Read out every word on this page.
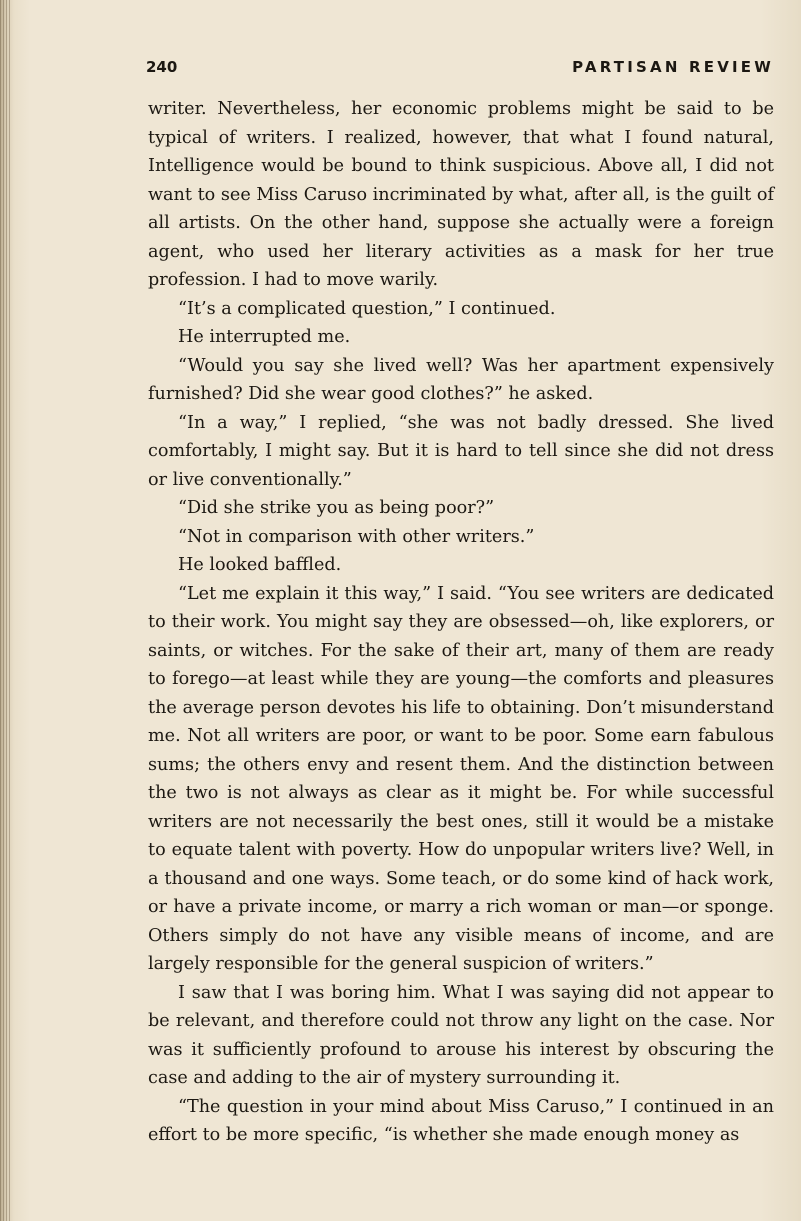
240	PARTISAN REVIEW

writer. Nevertheless, her economic problems might be said to be typical of writers. I realized, however, that what I found natural, Intelligence would be bound to think suspicious. Above all, I did not want to see Miss Caruso incriminated by what, after all, is the guilt of all artists. On the other hand, suppose she actually were a foreign agent, who used her literary activities as a mask for her true profession. I had to move warily.

“It’s a complicated question,” I continued.

He interrupted me.

“Would you say she lived well? Was her apartment expensively furnished? Did she wear good clothes?” he asked.

“In a way,” I replied, “she was not badly dressed. She lived comfortably, I might say. But it is hard to tell since she did not dress or live conventionally.”

“Did she strike you as being poor?”

“Not in comparison with other writers.”

He looked baffled.

“Let me explain it this way,” I said. “You see writers are dedicated to their work. You might say they are obsessed—oh, like explorers, or saints, or witches. For the sake of their art, many of them are ready to forego—at least while they are young—the comforts and pleasures the average person devotes his life to obtaining. Don’t misunderstand me. Not all writers are poor, or want to be poor. Some earn fabulous sums; the others envy and resent them. And the distinction between the two is not always as clear as it might be. For while successful writers are not necessarily the best ones, still it would be a mistake to equate talent with poverty. How do unpopular writers live? Well, in a thousand and one ways. Some teach, or do some kind of hack work, or have a private income, or marry a rich woman or man—or sponge. Others simply do not have any visible means of income, and are largely responsible for the general suspicion of writers.”

I saw that I was boring him. What I was saying did not appear to be relevant, and therefore could not throw any light on the case. Nor was it sufficiently profound to arouse his interest by obscuring the case and adding to the air of mystery surrounding it.

“The question in your mind about Miss Caruso,” I continued in an effort to be more specific, “is whether she made enough money as
